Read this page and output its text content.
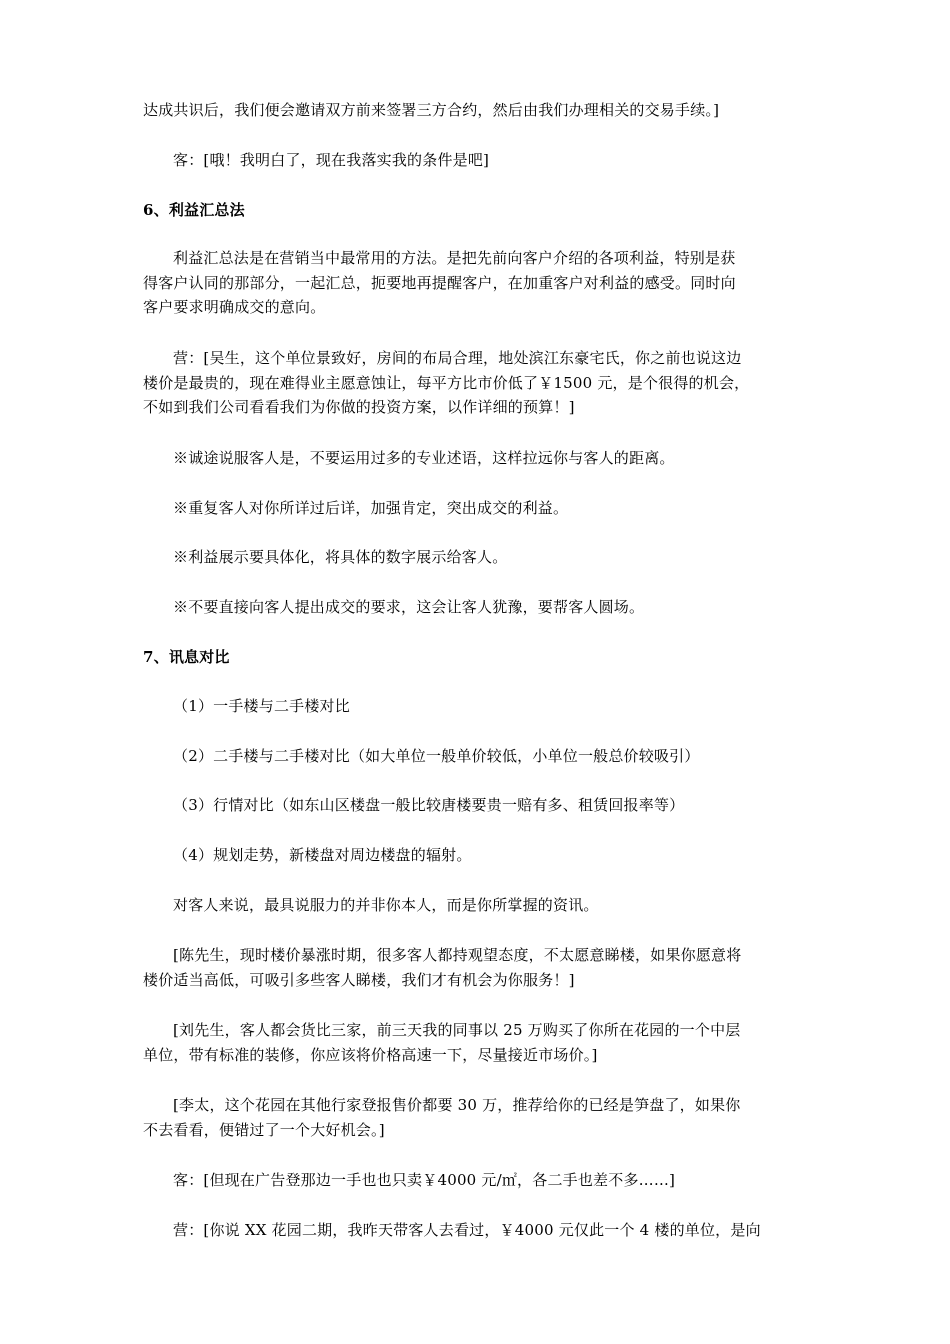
达成共识后，我们便会邀请双方前来签署三方合约，然后由我们办理相关的交易手续。]
客：[哦！我明白了，现在我落实我的条件是吧]
6、利益汇总法
利益汇总法是在营销当中最常用的方法。是把先前向客户介绍的各项利益，特别是获
得客户认同的那部分，一起汇总，扼要地再提醒客户，在加重客户对利益的感受。同时向
客户要求明确成交的意向。
营：[吴生，这个单位景致好，房间的布局合理，地处滨江东豪宅氏，你之前也说这边
楼价是最贵的，现在难得业主愿意蚀让，每平方比市价低了￥1500 元，是个很得的机会，
不如到我们公司看看我们为你做的投资方案，以作详细的预算！]
※诚途说服客人是，不要运用过多的专业述语，这样拉远你与客人的距离。
※重复客人对你所详过后详，加强肯定，突出成交的利益。
※利益展示要具体化，将具体的数字展示给客人。
※不要直接向客人提出成交的要求，这会让客人犹豫，要帮客人圆场。
7、讯息对比
（1）一手楼与二手楼对比
（2）二手楼与二手楼对比（如大单位一般单价较低，小单位一般总价较吸引）
（3）行情对比（如东山区楼盘一般比较唐楼要贵一赔有多、租赁回报率等）
（4）规划走势，新楼盘对周边楼盘的辐射。
对客人来说，最具说服力的并非你本人，而是你所掌握的资讯。
[陈先生，现时楼价暴涨时期，很多客人都持观望态度，不太愿意睇楼，如果你愿意将
楼价适当高低，可吸引多些客人睇楼，我们才有机会为你服务！]
[刘先生，客人都会货比三家，前三天我的同事以 25 万购买了你所在花园的一个中层
单位，带有标准的装修，你应该将价格高速一下，尽量接近市场价。]
[李太，这个花园在其他行家登报售价都要 30 万，推荐给你的已经是笋盘了，如果你
不去看看，便错过了一个大好机会。]
客：[但现在广告登那边一手也也只卖￥4000 元/㎡，各二手也差不多……]
营：[你说 XX 花园二期，我昨天带客人去看过，￥4000 元仅此一个 4 楼的单位，是向
